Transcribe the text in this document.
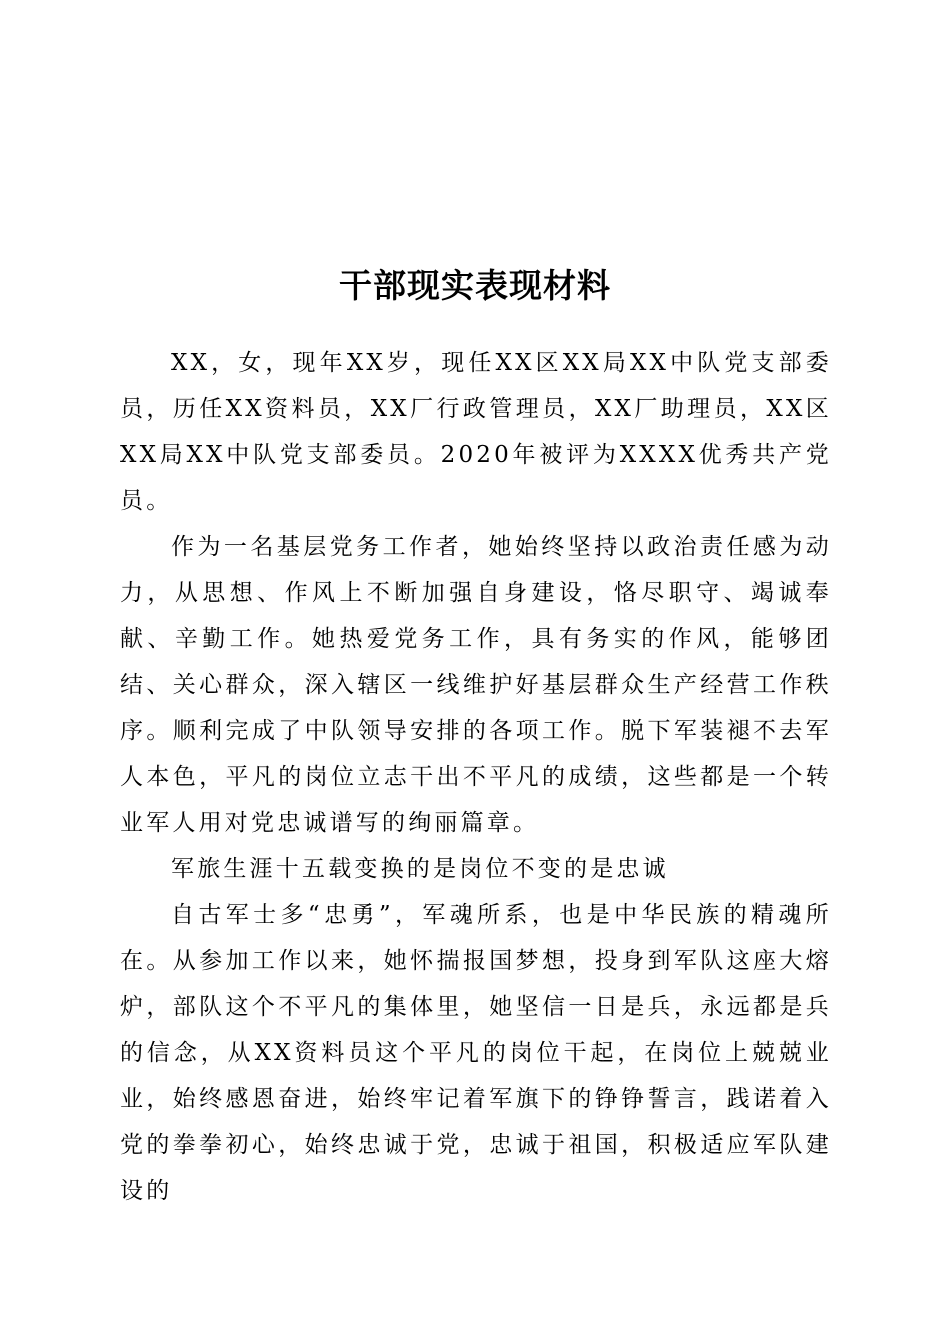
干部现实表现材料

XX，女，现年XX岁，现任XX区XX局XX中队党支部委员，历任XX资料员，XX厂行政管理员，XX厂助理员，XX区XX局XX中队党支部委员。2020年被评为XXXX优秀共产党员。

作为一名基层党务工作者，她始终坚持以政治责任感为动力，从思想、作风上不断加强自身建设，恪尽职守、竭诚奉献、辛勤工作。她热爱党务工作，具有务实的作风，能够团结、关心群众，深入辖区一线维护好基层群众生产经营工作秩序。顺利完成了中队领导安排的各项工作。脱下军装褪不去军人本色，平凡的岗位立志干出不平凡的成绩，这些都是一个转业军人用对党忠诚谱写的绚丽篇章。

军旅生涯十五载变换的是岗位不变的是忠诚

自古军士多“忠勇”，军魂所系，也是中华民族的精魂所在。从参加工作以来，她怀揣报国梦想，投身到军队这座大熔炉，部队这个不平凡的集体里，她坚信一日是兵，永远都是兵的信念，从XX资料员这个平凡的岗位干起，在岗位上兢兢业业，始终感恩奋进，始终牢记着军旗下的铮铮誓言，践诺着入党的拳拳初心，始终忠诚于党，忠诚于祖国，积极适应军队建设的
